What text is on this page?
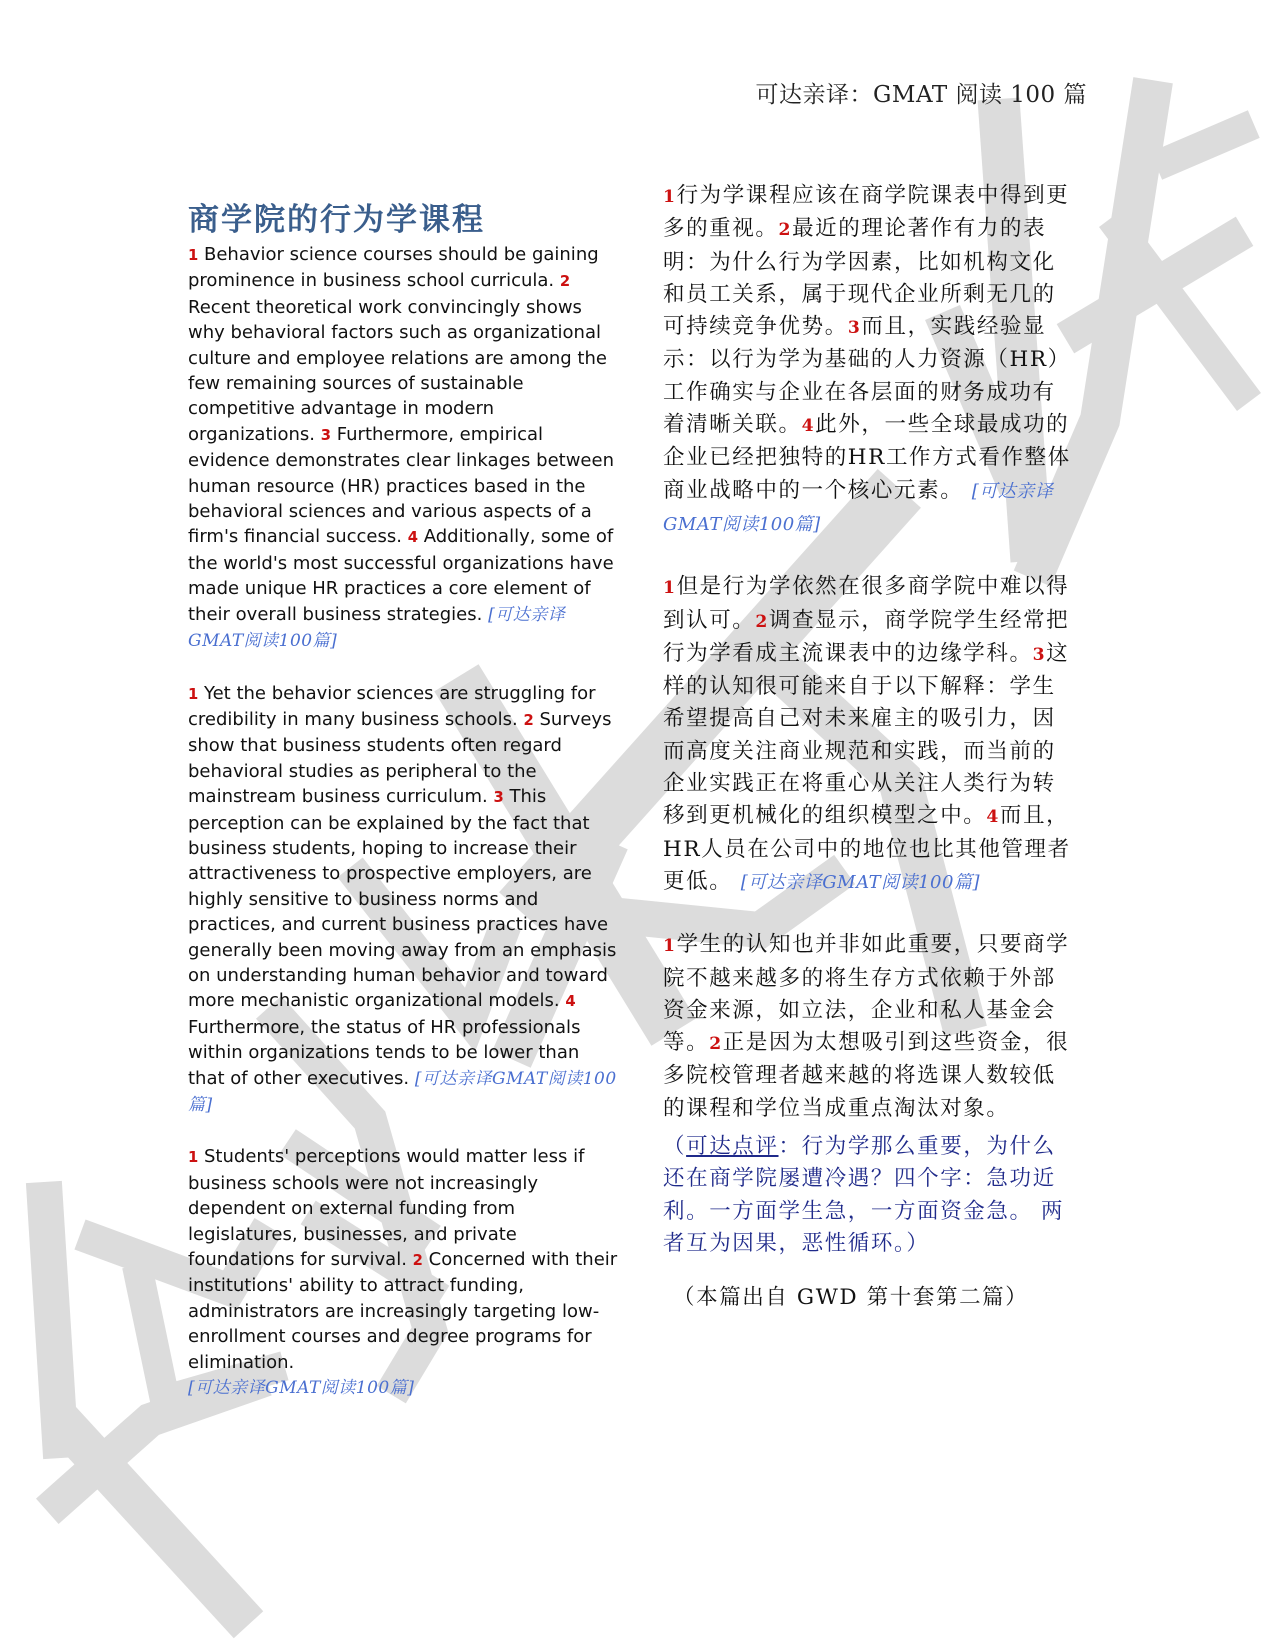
可达亲译：GMAT 阅读 100 篇
商学院的行为学课程
1 Behavior science courses should be gaining prominence in business school curricula. 2 Recent theoretical work convincingly shows why behavioral factors such as organizational culture and employee relations are among the few remaining sources of sustainable competitive advantage in modern organizations. 3 Furthermore, empirical evidence demonstrates clear linkages between human resource (HR) practices based in the behavioral sciences and various aspects of a firm's financial success. 4 Additionally, some of the world's most successful organizations have made unique HR practices a core element of their overall business strategies. [可达亲译GMAT阅读100篇]
1 Yet the behavior sciences are struggling for credibility in many business schools. 2 Surveys show that business students often regard behavioral studies as peripheral to the mainstream business curriculum. 3 This perception can be explained by the fact that business students, hoping to increase their attractiveness to prospective employers, are highly sensitive to business norms and practices, and current business practices have generally been moving away from an emphasis on understanding human behavior and toward more mechanistic organizational models. 4 Furthermore, the status of HR professionals within organizations tends to be lower than that of other executives. [可达亲译GMAT阅读100篇]
1 Students' perceptions would matter less if business schools were not increasingly dependent on external funding from legislatures, businesses, and private foundations for survival. 2 Concerned with their institutions' ability to attract funding, administrators are increasingly targeting low-enrollment courses and degree programs for elimination.
[可达亲译GMAT阅读100篇]
1行为学课程应该在商学院课表中得到更多的重视。2最近的理论著作有力的表明：为什么行为学因素，比如机构文化和员工关系，属于现代企业所剩无几的可持续竞争优势。3而且，实践经验显示：以行为学为基础的人力资源（HR）工作确实与企业在各层面的财务成功有着清晰关联。4此外，一些全球最成功的企业已经把独特的HR工作方式看作整体商业战略中的一个核心元素。 [可达亲译GMAT阅读100篇]
1但是行为学依然在很多商学院中难以得到认可。2调查显示，商学院学生经常把行为学看成主流课表中的边缘学科。3这样的认知很可能来自于以下解释：学生希望提高自己对未来雇主的吸引力，因而高度关注商业规范和实践，而当前的企业实践正在将重心从关注人类行为转移到更机械化的组织模型之中。4而且，HR人员在公司中的地位也比其他管理者更低。 [可达亲译GMAT阅读100篇]
1学生的认知也并非如此重要，只要商学院不越来越多的将生存方式依赖于外部资金来源，如立法，企业和私人基金会等。2正是因为太想吸引到这些资金，很多院校管理者越来越的将选课人数较低的课程和学位当成重点淘汰对象。
（可达点评：行为学那么重要，为什么还在商学院屡遭冷遇？四个字：急功近利。一方面学生急，一方面资金急。 两者互为因果，恶性循环。）
（本篇出自 GWD 第十套第二篇）
